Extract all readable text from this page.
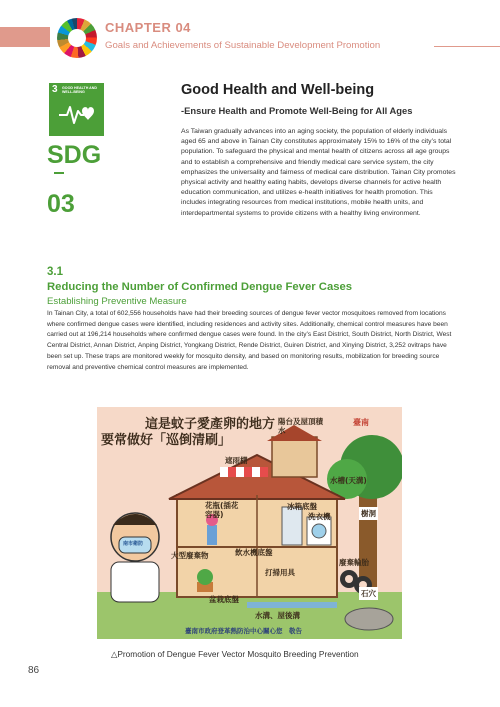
CHAPTER 04
Goals and Achievements of Sustainable Development Promotion
3 GOOD HEALTH AND WELL-BEING
SDG
03
Good Health and Well-being
-Ensure Health and Promote Well-Being for All Ages

As Taiwan gradually advances into an aging society, the population of elderly individuals aged 65 and above in Tainan City constitutes approximately 15% to 16% of the city’s total population. To safeguard the physical and mental health of citizens across all age groups and to establish a comprehensive and friendly medical care service system, the city emphasizes the universality and fairness of medical care distribution. Tainan City promotes physical activity and healthy eating habits, develops diverse channels for active health education communication, and utilizes e-health initiatives for health promotion. This includes integrating resources from medical institutions, mobile health units, and interdepartmental systems to provide citizens with a healthy living environment.

3.1
Reducing the Number of Confirmed Dengue Fever Cases
Establishing Preventive Measure

In Tainan City, a total of 602,556 households have had their breeding sources of dengue fever vector mosquitoes removed from locations where confirmed dengue cases were identified, including residences and activity sites. Additionally, chemical control measures have been carried out at 196,214 households where confirmed dengue cases were found. In the city’s East District, South District, North District, West Central District, Annan District, Anping District, Yongkang District, Rende District, Guiren District, and Xinying District, 3,252 ovitraps have been set up. These traps are monitored weekly for mosquito density, and based on monitoring results, mobilization for breeding source removal and preventive chemical control measures are implemented.

這是蚊子愛產卵的地方
要常做好「巡倒清刷」
臺南
遮雨棚
陽台及屋頂積水
水槽(天溝)
樹洞
花瓶(插花容器)
冰箱底盤
洗衣機
飲水機底盤
大型廢棄物
打掃用具
廢棄輪胎
盆栽底盤
水溝、屋後溝
石穴
南市衛防
臺南市政府登革熱防治中心關心您　敬告
△Promotion of Dengue Fever Vector Mosquito Breeding Prevention
86
